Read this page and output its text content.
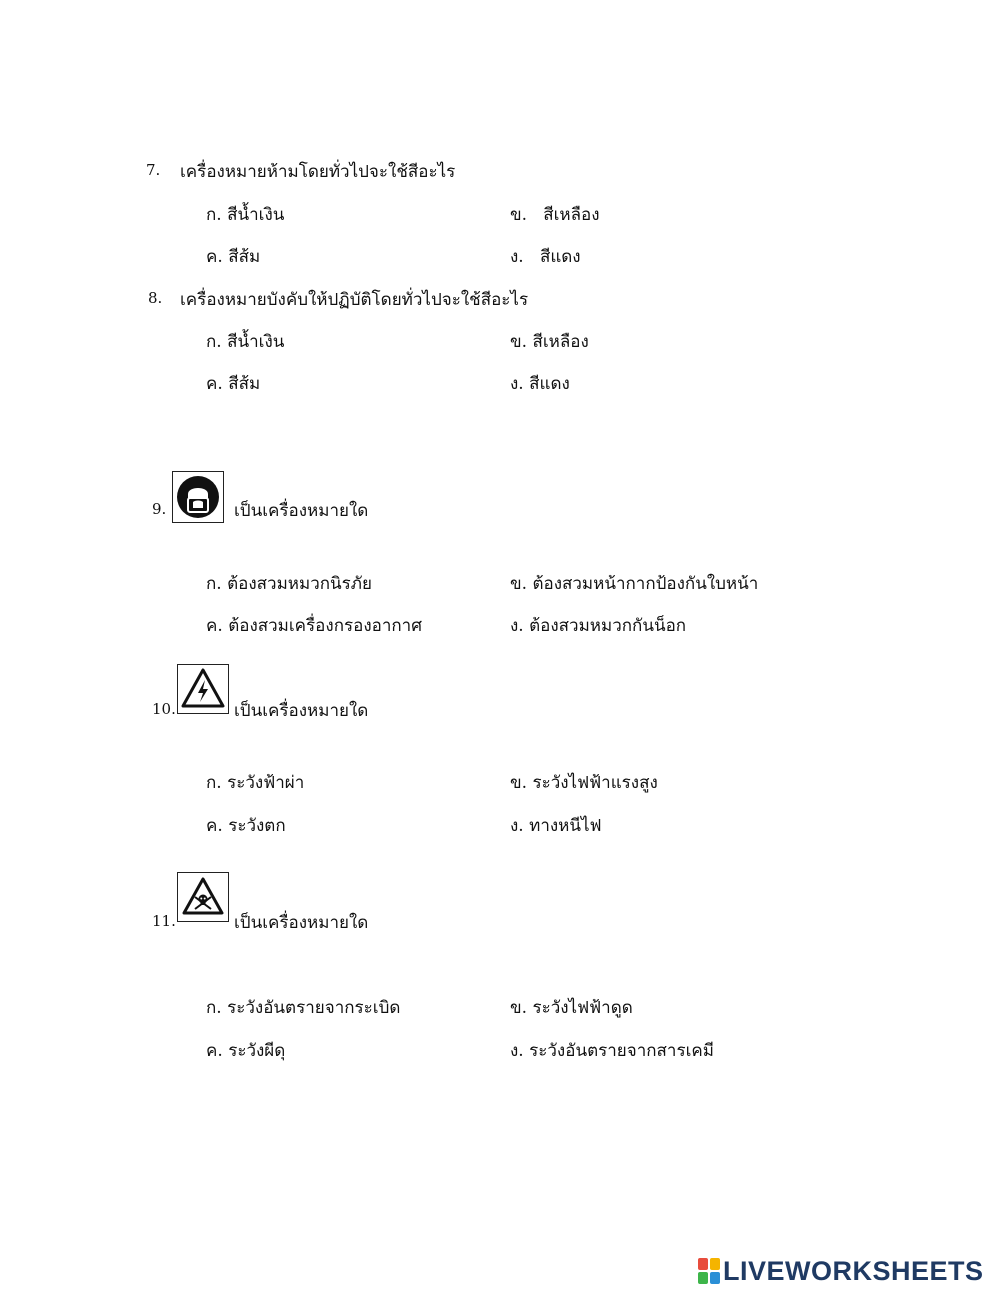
7. เครื่องหมายห้ามโดยทั่วไปจะใช้สีอะไร
ก. สีน้ำเงิน	ข. สีเหลือง
ค. สีส้ม	ง. สีแดง
8. เครื่องหมายบังคับให้ปฏิบัติโดยทั่วไปจะใช้สีอะไร
ก. สีน้ำเงิน	ข. สีเหลือง
ค. สีส้ม	ง. สีแดง
9.	เป็นเครื่องหมายใด
ก. ต้องสวมหมวกนิรภัย	ข. ต้องสวมหน้ากากป้องกันใบหน้า
ค. ต้องสวมเครื่องกรองอากาศ	ง. ต้องสวมหมวกกันน็อก
10.	เป็นเครื่องหมายใด
ก. ระวังฟ้าผ่า	ข. ระวังไฟฟ้าแรงสูง
ค. ระวังตก	ง. ทางหนีไฟ
11.	เป็นเครื่องหมายใด
ก. ระวังอันตรายจากระเบิด	ข. ระวังไฟฟ้าดูด
ค. ระวังผีดุ	ง. ระวังอันตรายจากสารเคมี
LIVEWORKSHEETS
